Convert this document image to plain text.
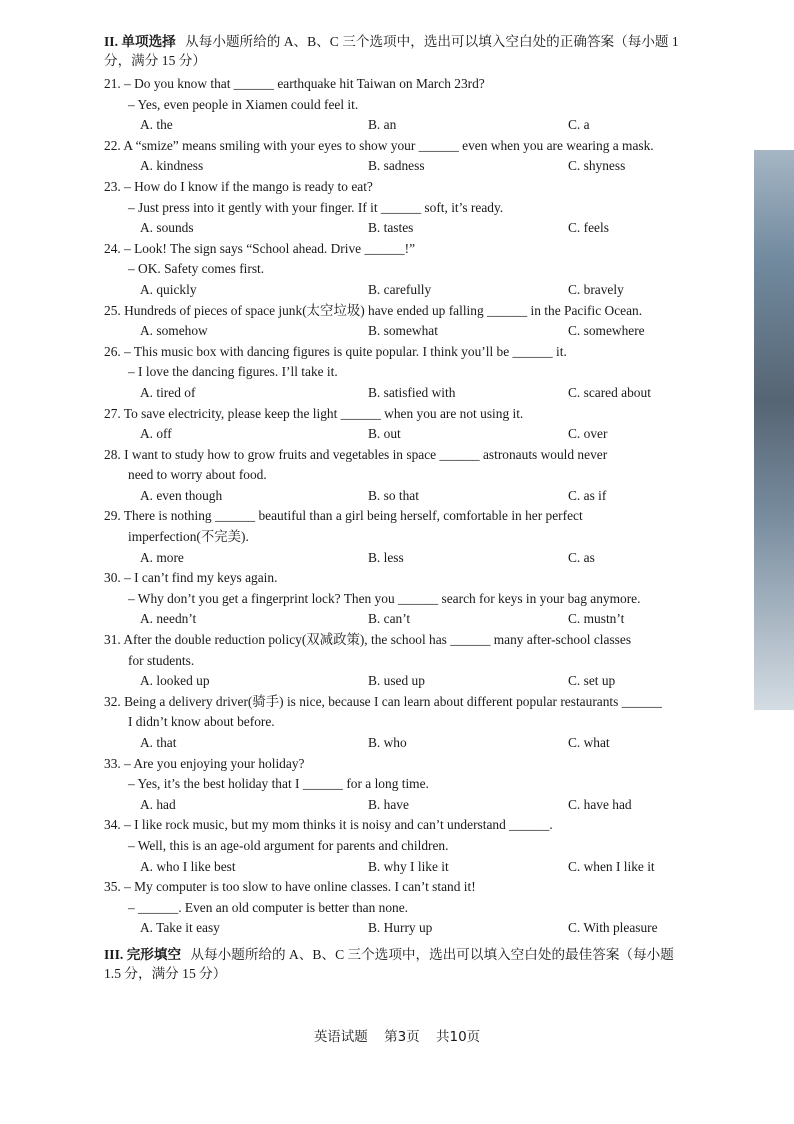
II. 单项选择 从每小题所给的 A、B、C 三个选项中，选出可以填入空白处的正确答案（每小题 1 分，满分 15 分）
21. – Do you know that ______ earthquake hit Taiwan on March 23rd?
– Yes, even people in Xiamen could feel it.
A. the	B. an	C. a
22. A “smize” means smiling with your eyes to show your ______ even when you are wearing a mask.
A. kindness	B. sadness	C. shyness
23. – How do I know if the mango is ready to eat?
– Just press into it gently with your finger. If it ______ soft, it’s ready.
A. sounds	B. tastes	C. feels
24. – Look! The sign says “School ahead. Drive ______!”
– OK. Safety comes first.
A. quickly	B. carefully	C. bravely
25. Hundreds of pieces of space junk(太空垃圾) have ended up falling ______ in the Pacific Ocean.
A. somehow	B. somewhat	C. somewhere
26. – This music box with dancing figures is quite popular. I think you’ll be ______ it.
– I love the dancing figures. I’ll take it.
A. tired of	B. satisfied with	C. scared about
27. To save electricity, please keep the light ______ when you are not using it.
A. off	B. out	C. over
28. I want to study how to grow fruits and vegetables in space ______ astronauts would never
need to worry about food.
A. even though	B. so that	C. as if
29. There is nothing ______ beautiful than a girl being herself, comfortable in her perfect
imperfection(不完美).
A. more	B. less	C. as
30. – I can’t find my keys again.
– Why don’t you get a fingerprint lock? Then you ______ search for keys in your bag anymore.
A. needn’t	B. can’t	C. mustn’t
31. After the double reduction policy(双减政策), the school has ______ many after-school classes
for students.
A. looked up	B. used up	C. set up
32. Being a delivery driver(骑手) is nice, because I can learn about different popular restaurants ______
I didn’t know about before.
A. that	B. who	C. what
33. – Are you enjoying your holiday?
– Yes, it’s the best holiday that I ______ for a long time.
A. had	B. have	C. have had
34. – I like rock music, but my mom thinks it is noisy and can’t understand ______.
– Well, this is an age-old argument for parents and children.
A. who I like best	B. why I like it	C. when I like it
35. – My computer is too slow to have online classes. I can’t stand it!
– ______. Even an old computer is better than none.
A. Take it easy	B. Hurry up	C. With pleasure
III. 完形填空 从每小题所给的 A、B、C 三个选项中，选出可以填入空白处的最佳答案（每小题 1.5 分，满分 15 分）
英语试题 第3页 共10页
